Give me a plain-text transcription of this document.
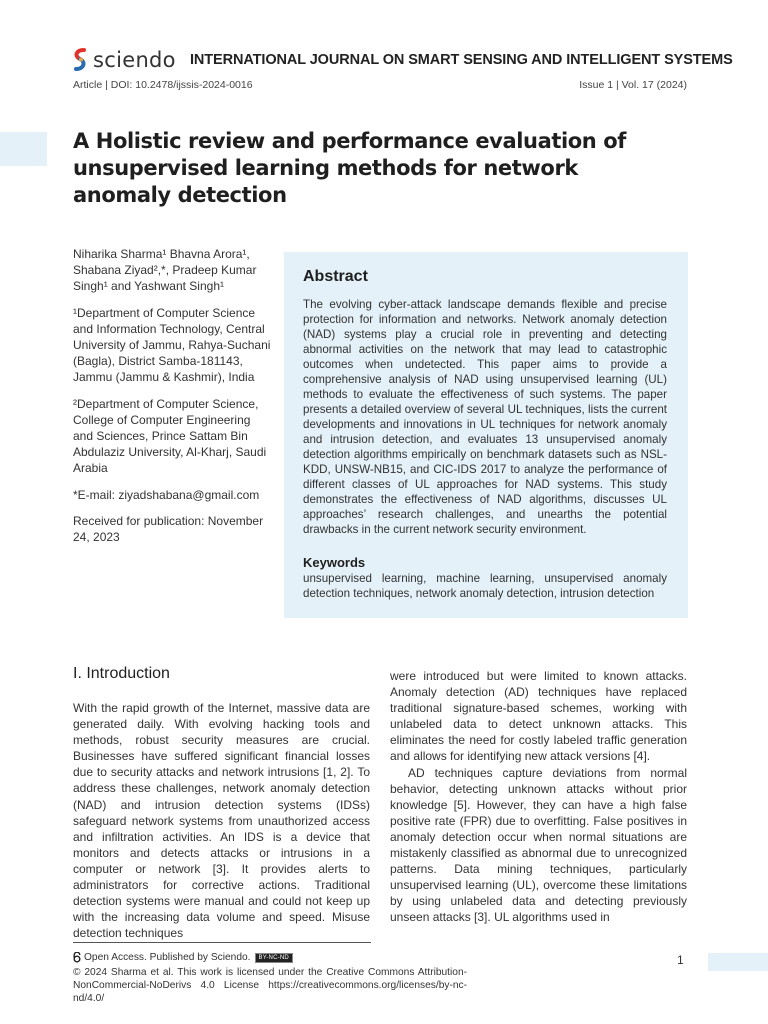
sciendo INTERNATIONAL JOURNAL ON SMART SENSING AND INTELLIGENT SYSTEMS
Article | DOI: 10.2478/ijssis-2024-0016	Issue 1 | Vol. 17 (2024)
A Holistic review and performance evaluation of unsupervised learning methods for network anomaly detection

Niharika Sharma¹ Bhavna Arora¹, Shabana Ziyad²,*, Pradeep Kumar Singh¹ and Yashwant Singh¹

¹Department of Computer Science and Information Technology, Central University of Jammu, Rahya-Suchani (Bagla), District Samba-181143, Jammu (Jammu & Kashmir), India

²Department of Computer Science, College of Computer Engineering and Sciences, Prince Sattam Bin Abdulaziz University, Al-Kharj, Saudi Arabia

*E-mail: ziyadshabana@gmail.com

Received for publication: November 24, 2023

Abstract
The evolving cyber-attack landscape demands flexible and precise protection for information and networks. Network anomaly detection (NAD) systems play a crucial role in preventing and detecting abnormal activities on the network that may lead to catastrophic outcomes when undetected. This paper aims to provide a comprehensive analysis of NAD using unsupervised learning (UL) methods to evaluate the effectiveness of such systems. The paper presents a detailed overview of several UL techniques, lists the current developments and innovations in UL techniques for network anomaly and intrusion detection, and evaluates 13 unsupervised anomaly detection algorithms empirically on benchmark datasets such as NSL-KDD, UNSW-NB15, and CIC-IDS 2017 to analyze the performance of different classes of UL approaches for NAD systems. This study demonstrates the effectiveness of NAD algorithms, discusses UL approaches’ research challenges, and unearths the potential drawbacks in the current network security environment.
Keywords
unsupervised learning, machine learning, unsupervised anomaly detection techniques, network anomaly detection, intrusion detection
I. Introduction

With the rapid growth of the Internet, massive data are generated daily. With evolving hacking tools and methods, robust security measures are crucial. Businesses have suffered significant financial losses due to security attacks and network intrusions [1, 2]. To address these challenges, network anomaly detection (NAD) and intrusion detection systems (IDSs) safeguard network systems from unauthorized access and infiltration activities. An IDS is a device that monitors and detects attacks or intrusions in a computer or network [3]. It provides alerts to administrators for corrective actions. Traditional detection systems were manual and could not keep up with the increasing data volume and speed. Misuse detection techniques

were introduced but were limited to known attacks. Anomaly detection (AD) techniques have replaced traditional signature-based schemes, working with unlabeled data to detect unknown attacks. This eliminates the need for costly labeled traffic generation and allows for identifying new attack versions [4].

AD techniques capture deviations from normal behavior, detecting unknown attacks without prior knowledge [5]. However, they can have a high false positive rate (FPR) due to overfitting. False positives in anomaly detection occur when normal situations are mistakenly classified as abnormal due to unrecognized patterns. Data mining techniques, particularly unsupervised learning (UL), overcome these limitations by using unlabeled data and detecting previously unseen attacks [3]. UL algorithms used in

Open Access. Published by Sciendo.	BY-NC-ND
© 2024 Sharma et al. This work is licensed under the Creative Commons Attribution-NonCommercial-NoDerivs 4.0 License https://creativecommons.org/licenses/by-nc-nd/4.0/
1
